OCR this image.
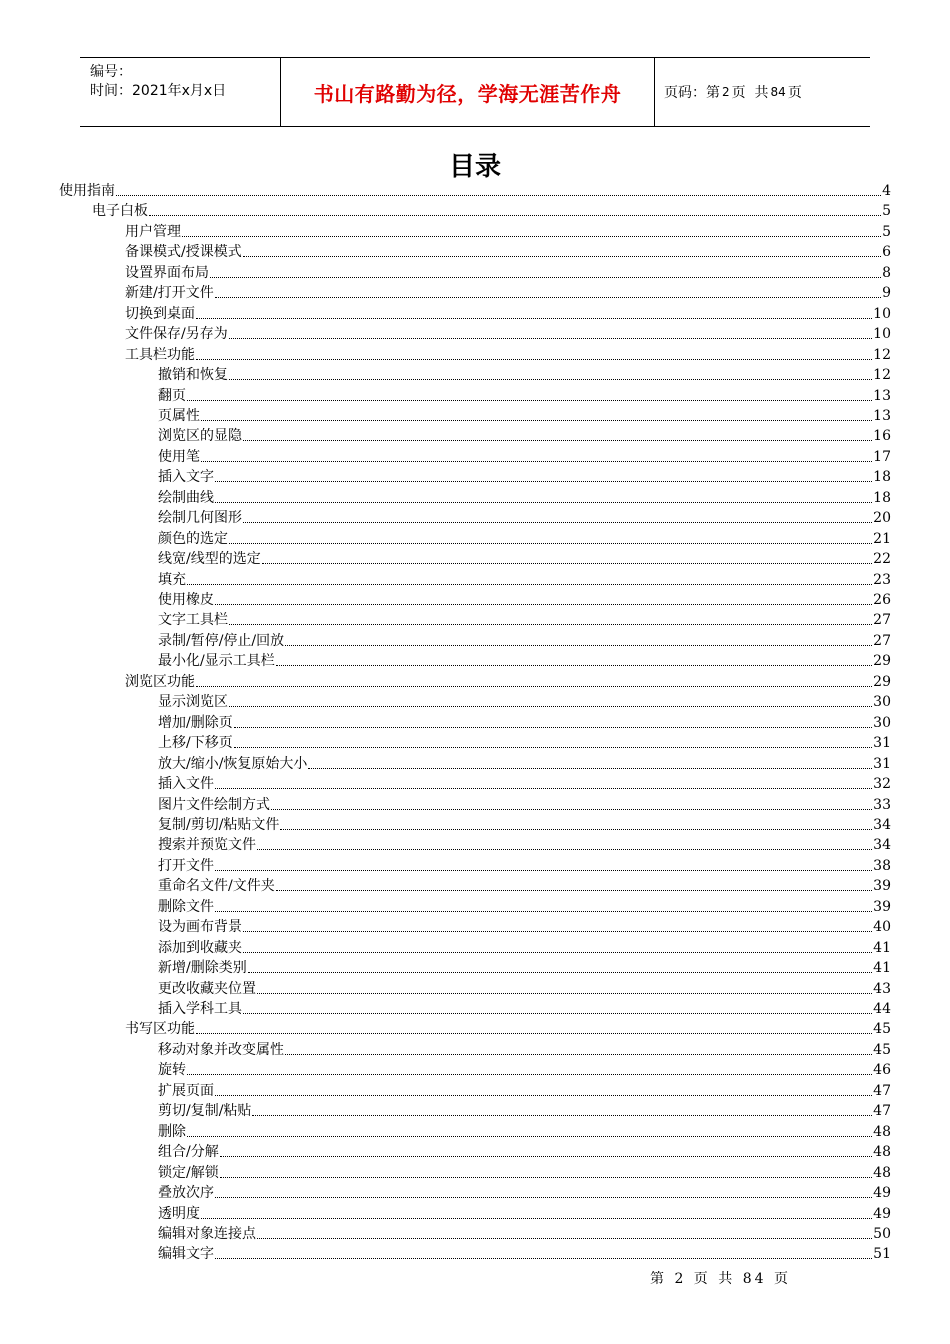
编号：
时间：2021年x月x日	书山有路勤为径，学海无涯苦作舟	页码：第 2 页  共 84 页
目录
使用指南	4
电子白板	5
用户管理	5
备课模式/授课模式	6
设置界面布局	8
新建/打开文件	9
切换到桌面	10
文件保存/另存为	10
工具栏功能	12
撤销和恢复	12
翻页	13
页属性	13
浏览区的显隐	16
使用笔	17
插入文字	18
绘制曲线	18
绘制几何图形	20
颜色的选定	21
线宽/线型的选定	22
填充	23
使用橡皮	26
文字工具栏	27
录制/暂停/停止/回放	27
最小化/显示工具栏	29
浏览区功能	29
显示浏览区	30
增加/删除页	30
上移/下移页	31
放大/缩小/恢复原始大小	31
插入文件	32
图片文件绘制方式	33
复制/剪切/粘贴文件	34
搜索并预览文件	34
打开文件	38
重命名文件/文件夹	39
删除文件	39
设为画布背景	40
添加到收藏夹	41
新增/删除类别	41
更改收藏夹位置	43
插入学科工具	44
书写区功能	45
移动对象并改变属性	45
旋转	46
扩展页面	47
剪切/复制/粘贴	47
删除	48
组合/分解	48
锁定/解锁	48
叠放次序	49
透明度	49
编辑对象连接点	50
编辑文字	51
第 2 页 共 84 页
